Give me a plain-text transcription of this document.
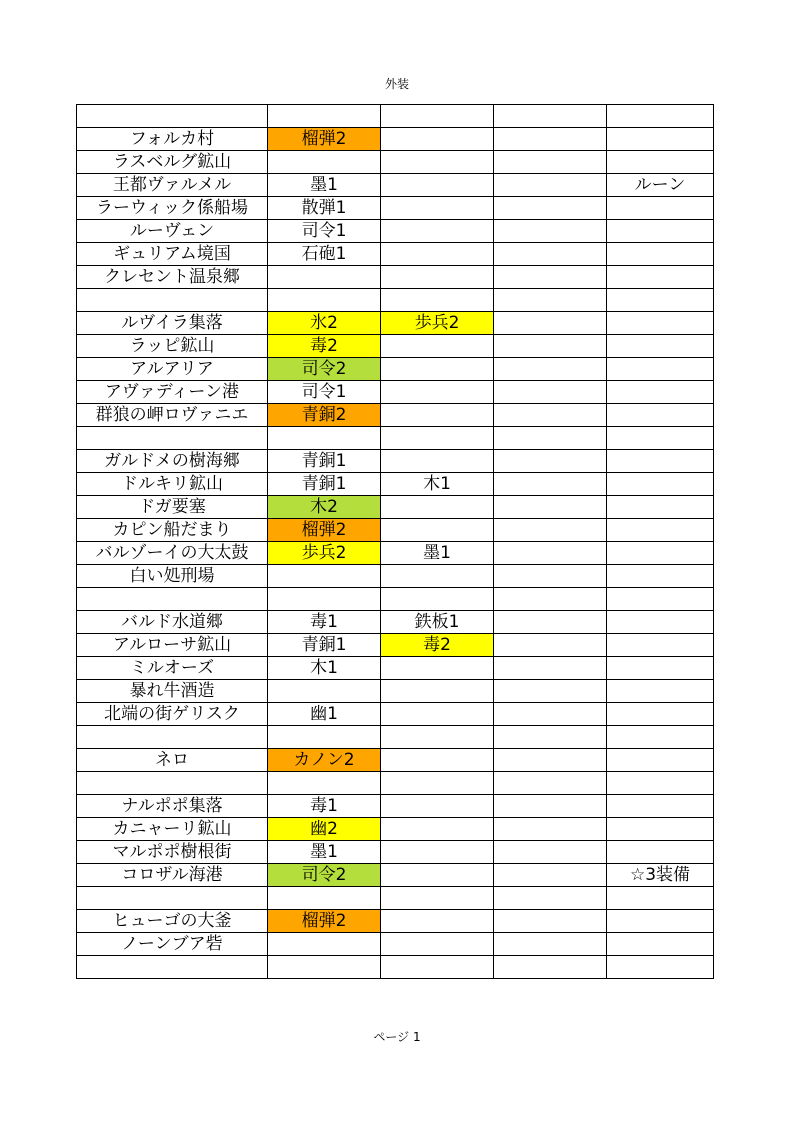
外装

フォルカ村	榴弾2			
ラスベルグ鉱山				
王都ヴァルメル	墨1			ルーン
ラーウィック係船場	散弾1			
ルーヴェン	司令1			
ギュリアム境国	石砲1			
クレセント温泉郷				

ルヴイラ集落	氷2	歩兵2		
ラッピ鉱山	毒2			
アルアリア	司令2			
アヴァディーン港	司令1			
群狼の岬ロヴァニエ	青銅2			

ガルドメの樹海郷	青銅1			
ドルキリ鉱山	青銅1	木1		
ドガ要塞	木2			
カピン船だまり	榴弾2			
バルゾーイの大太鼓	歩兵2	墨1		
白い処刑場				

バルド水道郷	毒1	鉄板1		
アルローサ鉱山	青銅1	毒2		
ミルオーズ	木1			
暴れ牛酒造				
北端の街ゲリスク	幽1			

ネロ	カノン2			

ナルポポ集落	毒1			
カニャーリ鉱山	幽2			
マルポポ樹根街	墨1			
コロザル海港	司令2			☆3装備

ヒューゴの大釜	榴弾2			
ノーンブア砦				

ページ 1
